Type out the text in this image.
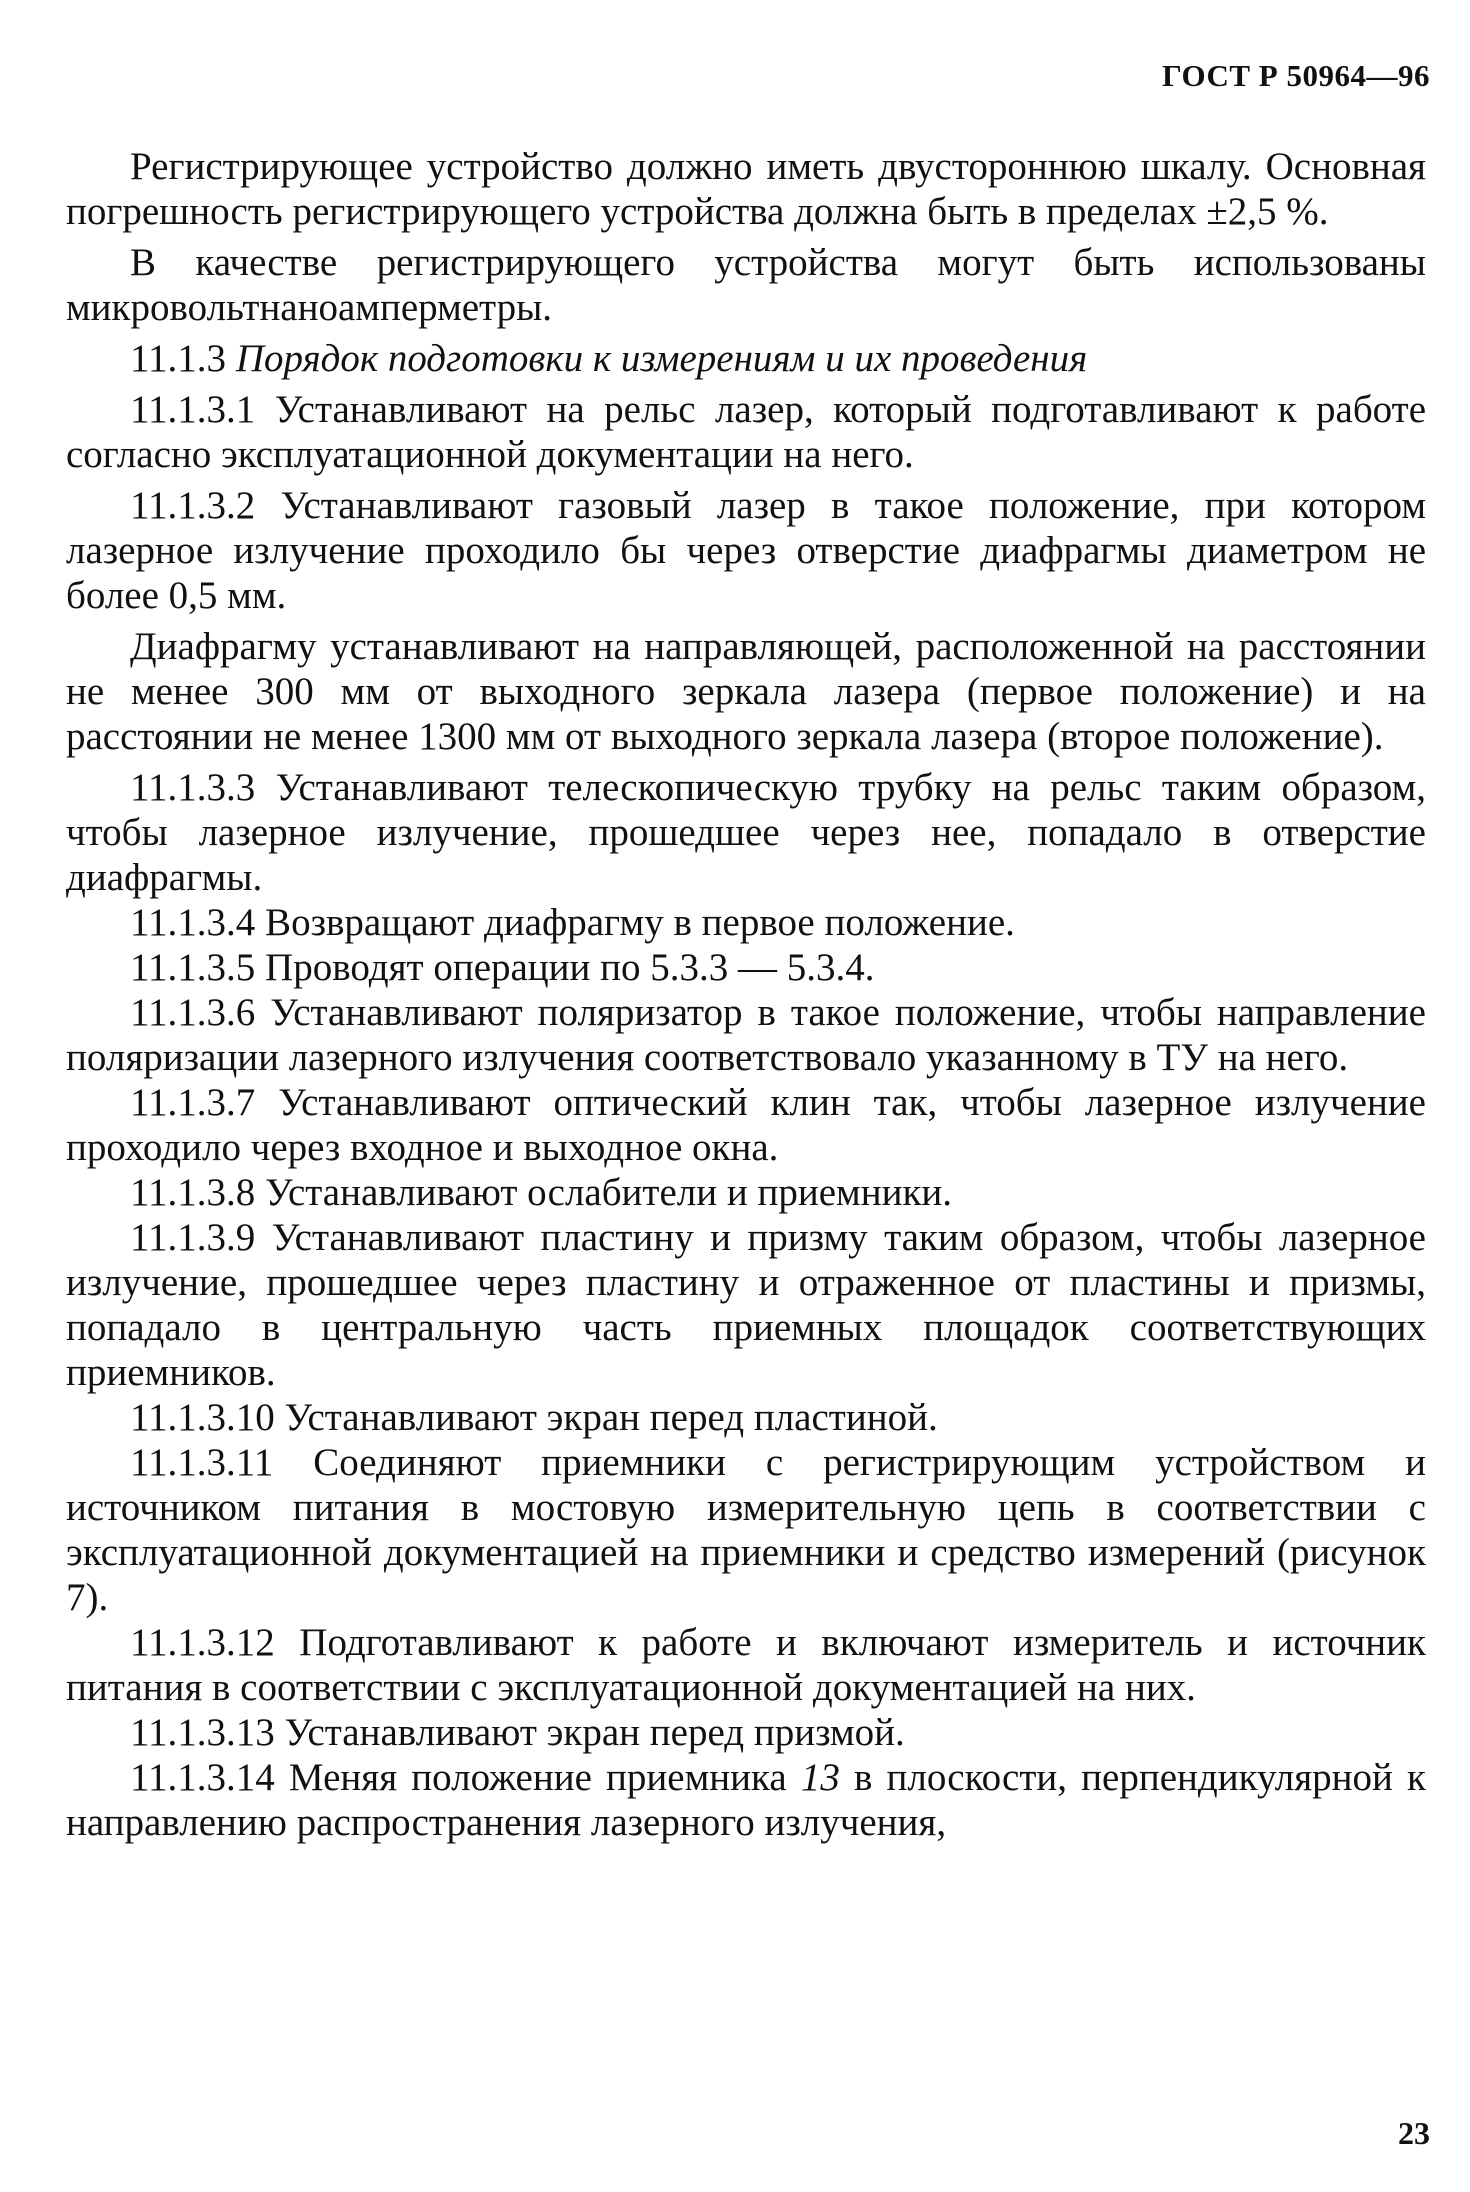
ГОСТ Р 50964—96

Регистрирующее устройство должно иметь двустороннюю шкалу. Основная погрешность регистрирующего устройства должна быть в пределах ±2,5 %.

В качестве регистрирующего устройства могут быть использованы микровольтнаноамперметры.

11.1.3 Порядок подготовки к измерениям и их проведения

11.1.3.1 Устанавливают на рельс лазер, который подготавливают к работе согласно эксплуатационной документации на него.

11.1.3.2 Устанавливают газовый лазер в такое положение, при котором лазерное излучение проходило бы через отверстие диафрагмы диаметром не более 0,5 мм.

Диафрагму устанавливают на направляющей, расположенной на расстоянии не менее 300 мм от выходного зеркала лазера (первое положение) и на расстоянии не менее 1300 мм от выходного зеркала лазера (второе положение).

11.1.3.3 Устанавливают телескопическую трубку на рельс таким образом, чтобы лазерное излучение, прошедшее через нее, попадало в отверстие диафрагмы.

11.1.3.4 Возвращают диафрагму в первое положение.

11.1.3.5 Проводят операции по 5.3.3 — 5.3.4.

11.1.3.6 Устанавливают поляризатор в такое положение, чтобы направление поляризации лазерного излучения соответствовало указанному в ТУ на него.

11.1.3.7 Устанавливают оптический клин так, чтобы лазерное излучение проходило через входное и выходное окна.

11.1.3.8 Устанавливают ослабители и приемники.

11.1.3.9 Устанавливают пластину и призму таким образом, чтобы лазерное излучение, прошедшее через пластину и отраженное от пластины и призмы, попадало в центральную часть приемных площадок соответствующих приемников.

11.1.3.10 Устанавливают экран перед пластиной.

11.1.3.11 Соединяют приемники с регистрирующим устройством и источником питания в мостовую измерительную цепь в соответствии с эксплуатационной документацией на приемники и средство измерений (рисунок 7).

11.1.3.12 Подготавливают к работе и включают измеритель и источник питания в соответствии с эксплуатационной документацией на них.

11.1.3.13 Устанавливают экран перед призмой.

11.1.3.14 Меняя положение приемника 13 в плоскости, перпендикулярной к направлению распространения лазерного излучения,

23
